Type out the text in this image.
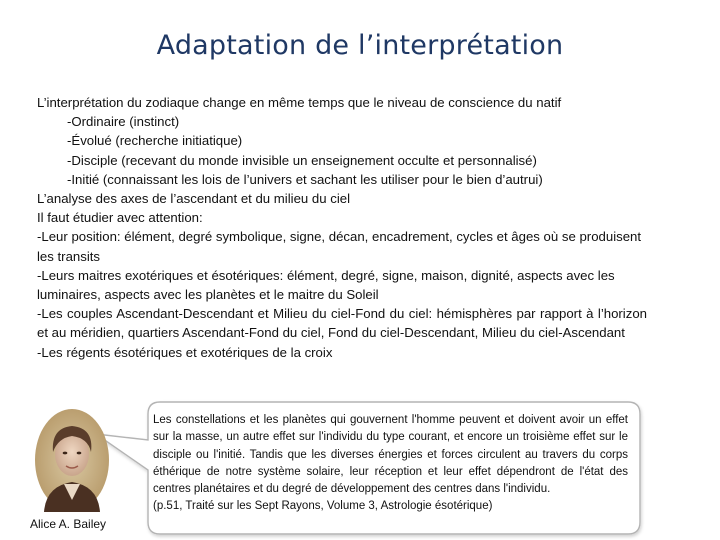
Adaptation de l’interprétation
L’interprétation du zodiaque change en même temps que le niveau de conscience du natif
-Ordinaire (instinct)
-Évolué (recherche initiatique)
-Disciple (recevant du monde invisible un enseignement occulte et personnalisé)
-Initié (connaissant les lois de l’univers et sachant les utiliser pour le bien d’autrui)
L’analyse des axes de l’ascendant et du milieu du ciel
Il faut étudier avec attention:
-Leur position: élément, degré symbolique, signe, décan, encadrement, cycles et âges où se produisent les transits
-Leurs maitres exotériques et ésotériques: élément, degré, signe, maison, dignité, aspects avec les luminaires, aspects avec les planètes et le maitre du Soleil
-Les couples Ascendant-Descendant et Milieu du ciel-Fond du ciel: hémisphères par rapport à l’horizon et au méridien, quartiers Ascendant-Fond du ciel, Fond du ciel-Descendant, Milieu du ciel-Ascendant
-Les régents ésotériques et exotériques de la croix
Alice A. Bailey
Les constellations et les planètes qui gouvernent l'homme peuvent et doivent avoir un effet sur la masse, un autre effet sur l'individu du type courant, et encore un troisième effet sur le disciple ou l'initié. Tandis que les diverses énergies et forces circulent au travers du corps éthérique de notre système solaire, leur réception et leur effet dépendront de l'état des centres planétaires et du degré de développement des centres dans l'individu.
(p.51, Traité sur les Sept Rayons, Volume 3, Astrologie ésotérique)
